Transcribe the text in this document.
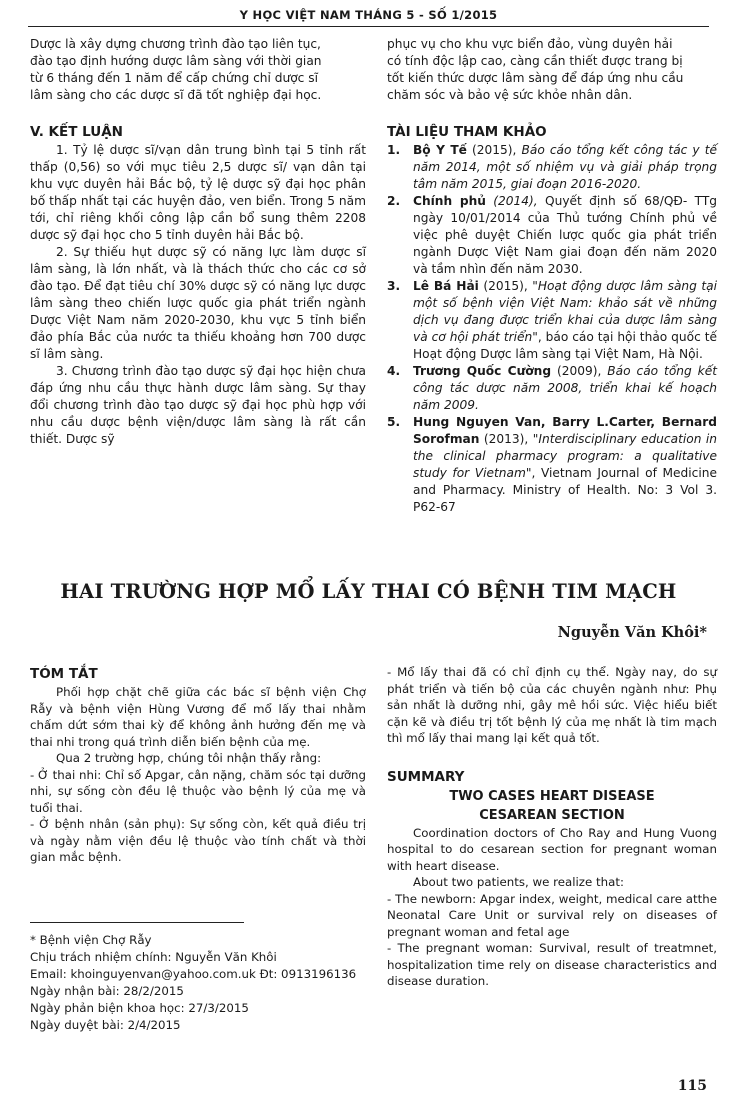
Y HỌC VIỆT NAM THÁNG 5 - SỐ 1/2015

Dược là xây dựng chương trình đào tạo liên tục,

đào tạo định hướng dược lâm sàng với thời gian

từ 6 tháng đến 1 năm để cấp chứng chỉ dược sĩ

lâm sàng cho các dược sĩ đã tốt nghiệp đại học.

V. KẾT LUẬN

1. Tỷ lệ dược sĩ/vạn dân trung bình tại 5 tỉnh rất thấp (0,56) so với mục tiêu 2,5 dược sĩ/ vạn dân tại khu vực duyên hải Bắc bộ, tỷ lệ dược sỹ đại học phân bố thấp nhất tại các huyện đảo, ven biển. Trong 5 năm tới, chỉ riêng khối công lập cần bổ sung thêm 2208 dược sỹ đại học cho 5 tỉnh duyên hải Bắc bộ.

2. Sự thiếu hụt dược sỹ có năng lực làm dược sĩ lâm sàng, là lớn nhất, và là thách thức cho các cơ sở đào tạo. Để đạt tiêu chí 30% dược sỹ có năng lực dược lâm sàng theo chiến lược quốc gia phát triển ngành Dược Việt Nam năm 2020-2030, khu vực 5 tỉnh biển đảo phía Bắc của nước ta thiếu khoảng hơn 700 dược sĩ lâm sàng.

3. Chương trình đào tạo dược sỹ đại học hiện chưa đáp ứng nhu cầu thực hành dược lâm sàng. Sự thay đổi chương trình đào tạo dược sỹ đại học phù hợp với nhu cầu dược bệnh viện/dược lâm sàng là rất cần thiết. Dược sỹ

phục vụ cho khu vực biển đảo, vùng duyên hải

có tính độc lập cao, càng cần thiết được trang bị

tốt kiến thức dược lâm sàng để đáp ứng nhu cầu

chăm sóc và bảo vệ sức khỏe nhân dân.

TÀI LIỆU THAM KHẢO

1. Bộ Y Tế (2015), Báo cáo tổng kết công tác y tế năm 2014, một số nhiệm vụ và giải pháp trọng tâm năm 2015, giai đoạn 2016-2020.
2. Chính phủ (2014), Quyết định số 68/QĐ- TTg ngày 10/01/2014 của Thủ tướng Chính phủ về việc phê duyệt Chiến lược quốc gia phát triển ngành Dược Việt Nam giai đoạn đến năm 2020 và tầm nhìn đến năm 2030.
3. Lê Bá Hải (2015), "Hoạt động dược lâm sàng tại một số bệnh viện Việt Nam: khảo sát về những dịch vụ đang được triển khai của dược lâm sàng và cơ hội phát triển", báo cáo tại hội thảo quốc tế Hoạt động Dược lâm sàng tại Việt Nam, Hà Nội.
4. Trương Quốc Cường (2009), Báo cáo tổng kết công tác dược năm 2008, triển khai kế hoạch năm 2009.
5. Hung Nguyen Van, Barry L.Carter, Bernard Sorofman (2013), "Interdisciplinary education in the clinical pharmacy program: a qualitative study for Vietnam", Vietnam Journal of Medicine and Pharmacy. Ministry of Health. No: 3 Vol 3. P62-67
HAI TRƯỜNG HỢP MỔ LẤY THAI CÓ BỆNH TIM MẠCH
Nguyễn Văn Khôi*

TÓM TẮT

Phối hợp chặt chẽ giữa các bác sĩ bệnh viện Chợ Rẫy và bệnh viện Hùng Vương để mổ lấy thai nhằm chấm dứt sớm thai kỳ để không ảnh hưởng đến mẹ và thai nhi trong quá trình diễn biến bệnh của mẹ.

Qua 2 trường hợp, chúng tôi nhận thấy rằng:

- Ở thai nhi: Chỉ số Apgar, cân nặng, chăm sóc tại dưỡng nhi, sự sống còn đều lệ thuộc vào bệnh lý của mẹ và tuổi thai.

- Ở bệnh nhân (sản phụ): Sự sống còn, kết quả điều trị và ngày nằm viện đều lệ thuộc vào tính chất và thời gian mắc bệnh.

- Mổ lấy thai đã có chỉ định cụ thể. Ngày nay, do sự phát triển và tiến bộ của các chuyên ngành như: Phụ sản nhất là dưỡng nhi, gây mê hồi sức. Việc hiểu biết cặn kẽ và điều trị tốt bệnh lý của mẹ nhất là tim mạch thì mổ lấy thai mang lại kết quả tốt.

SUMMARY

TWO CASES HEART DISEASE

CESAREAN SECTION

Coordination doctors of Cho Ray and Hung Vuong hospital to do cesarean section for pregnant woman with heart disease.

About two patients, we realize that:

- The newborn: Apgar index, weight, medical care atthe Neonatal Care Unit or survival rely on diseases of pregnant woman and fetal age

- The pregnant woman: Survival, result of treatmnet, hospitalization time rely on disease characteristics and disease duration.

* Bệnh viện Chợ Rẫy

Chịu trách nhiệm chính: Nguyễn Văn Khôi

Email: khoinguyenvan@yahoo.com.uk Đt: 0913196136

Ngày nhận bài: 28/2/2015

Ngày phản biện khoa học: 27/3/2015

Ngày duyệt bài: 2/4/2015

115
